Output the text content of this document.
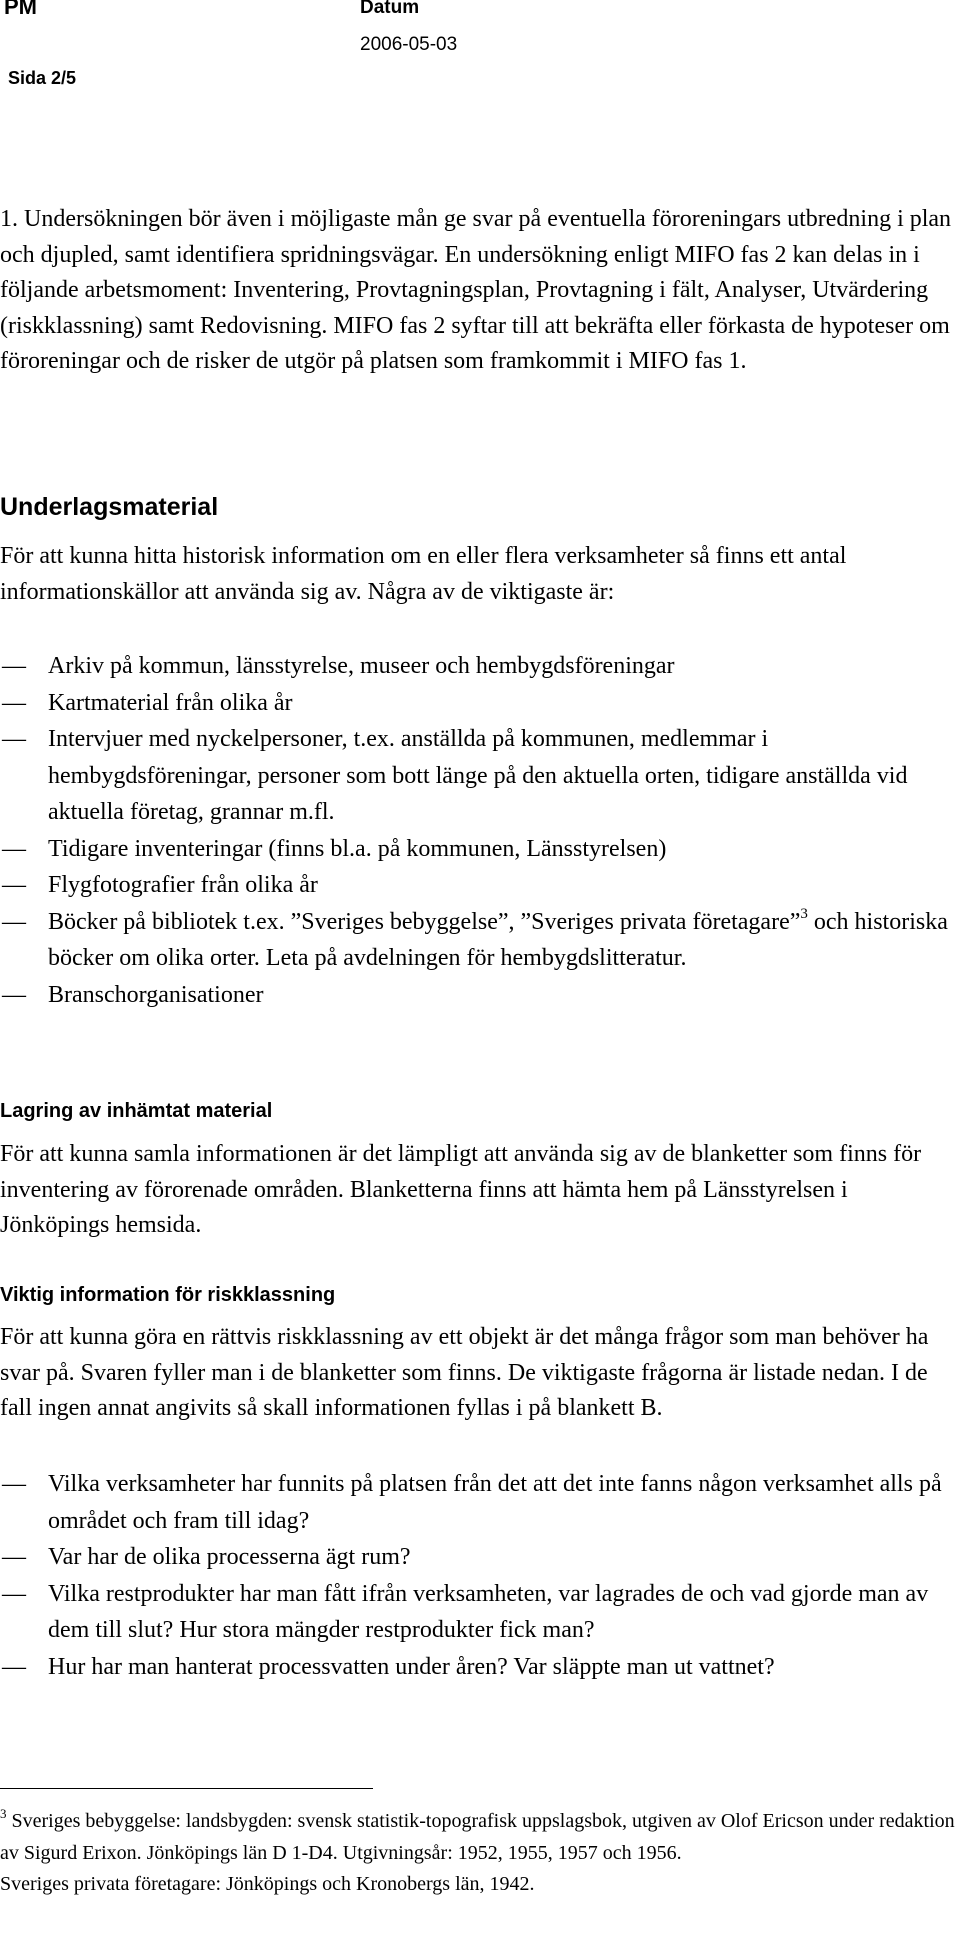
PM	Datum
2006-05-03
Sida 2/5
1. Undersökningen bör även i möjligaste mån ge svar på eventuella föroreningars utbredning i plan och djupled, samt identifiera spridningsvägar. En undersökning enligt MIFO fas 2 kan delas in i följande arbetsmoment: Inventering, Provtagningsplan, Provtagning i fält, Analyser, Utvärdering (riskklassning) samt Redovisning. MIFO fas 2 syftar till att bekräfta eller förkasta de hypoteser om föroreningar och de risker de utgör på platsen som framkommit i MIFO fas 1.
Underlagsmaterial
För att kunna hitta historisk information om en eller flera verksamheter så finns ett antal informationskällor att använda sig av. Några av de viktigaste är:
— Arkiv på kommun, länsstyrelse, museer och hembygdsföreningar
— Kartmaterial från olika år
— Intervjuer med nyckelpersoner, t.ex. anställda på kommunen, medlemmar i hembygdsföreningar, personer som bott länge på den aktuella orten, tidigare anställda vid aktuella företag, grannar m.fl.
— Tidigare inventeringar (finns bl.a. på kommunen, Länsstyrelsen)
— Flygfotografier från olika år
— Böcker på bibliotek t.ex. ”Sveriges bebyggelse”, ”Sveriges privata företagare”$^3$ och historiska böcker om olika orter. Leta på avdelningen för hembygdslitteratur.
— Branschorganisationer
Lagring av inhämtat material
För att kunna samla informationen är det lämpligt att använda sig av de blanketter som finns för inventering av förorenade områden. Blanketterna finns att hämta hem på Länsstyrelsen i Jönköpings hemsida.
Viktig information för riskklassning
För att kunna göra en rättvis riskklassning av ett objekt är det många frågor som man behöver ha svar på. Svaren fyller man i de blanketter som finns. De viktigaste frågorna är listade nedan. I de fall ingen annat angivits så skall informationen fyllas i på blankett B.
— Vilka verksamheter har funnits på platsen från det att det inte fanns någon verksamhet alls på området och fram till idag?
— Var har de olika processerna ägt rum?
— Vilka restprodukter har man fått ifrån verksamheten, var lagrades de och vad gjorde man av dem till slut? Hur stora mängder restprodukter fick man?
— Hur har man hanterat processvatten under åren? Var släppte man ut vattnet?
$^3$ Sveriges bebyggelse: landsbygden: svensk statistik-topografisk uppslagsbok, utgiven av Olof Ericson under redaktion av Sigurd Erixon. Jönköpings län D 1-D4. Utgivningsår: 1952, 1955, 1957 och 1956.
Sveriges privata företagare: Jönköpings och Kronobergs län, 1942.
